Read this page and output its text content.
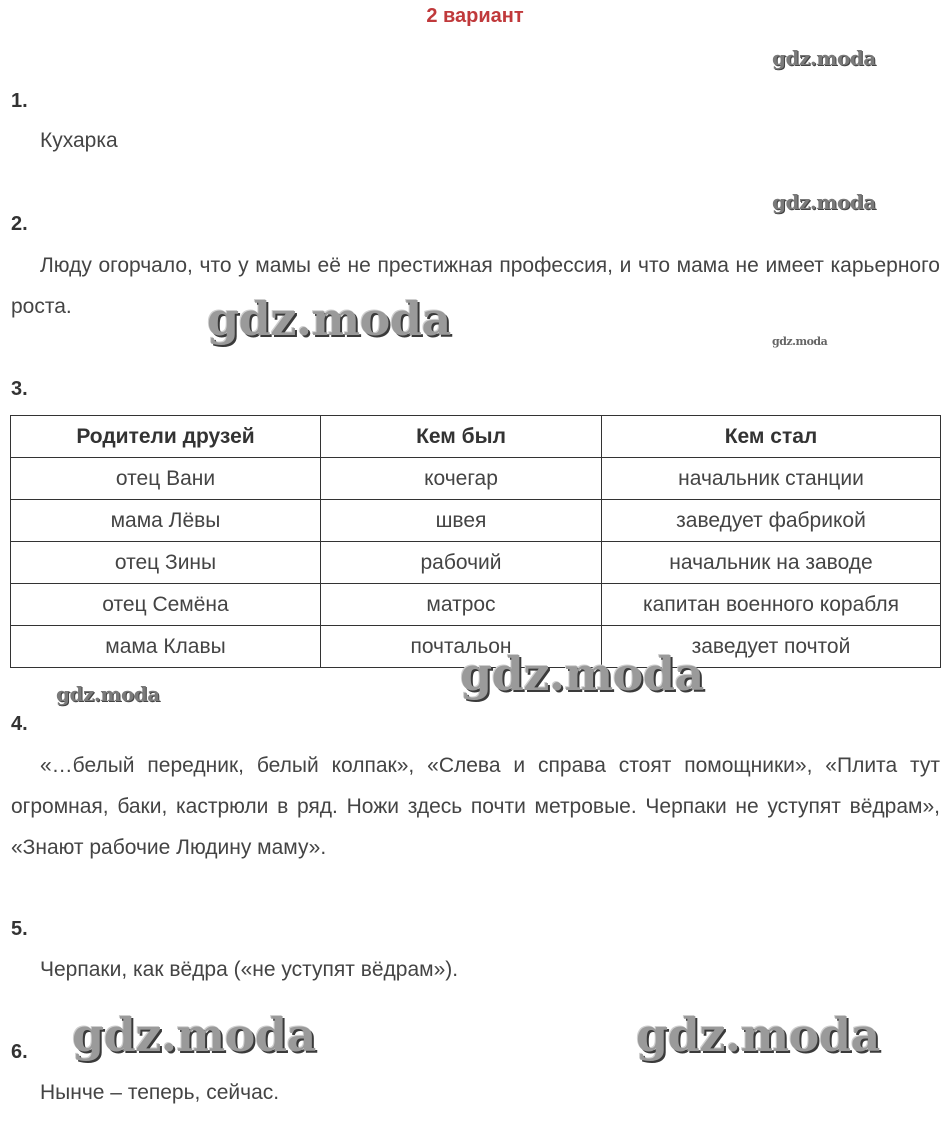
2 вариант
gdz.moda
gdz.moda
gdz.moda	gdz.moda
1.
Кухарка
2.
Люду огорчало, что у мамы её не престижная профессия, и что мама не имеет карьерного роста.
3.
Родители друзей	Кем был	Кем стал
отец Вани	кочегар	начальник станции
мама Лёвы	швея	заведует фабрикой
отец Зины	рабочий	начальник на заводе
отец Семёна	матрос	капитан военного корабля
мама Клавы	почтальон	заведует почтой
gdz.moda	gdz.moda
4.
«…белый передник, белый колпак», «Слева и справа стоят помощники», «Плита тут огромная, баки, кастрюли в ряд. Ножи здесь почти метровые. Черпаки не уступят вёдрам», «Знают рабочие Людину маму».
5.
Черпаки, как вёдра («не уступят вёдрам»).
gdz.moda	gdz.moda
6.
Нынче – теперь, сейчас.
